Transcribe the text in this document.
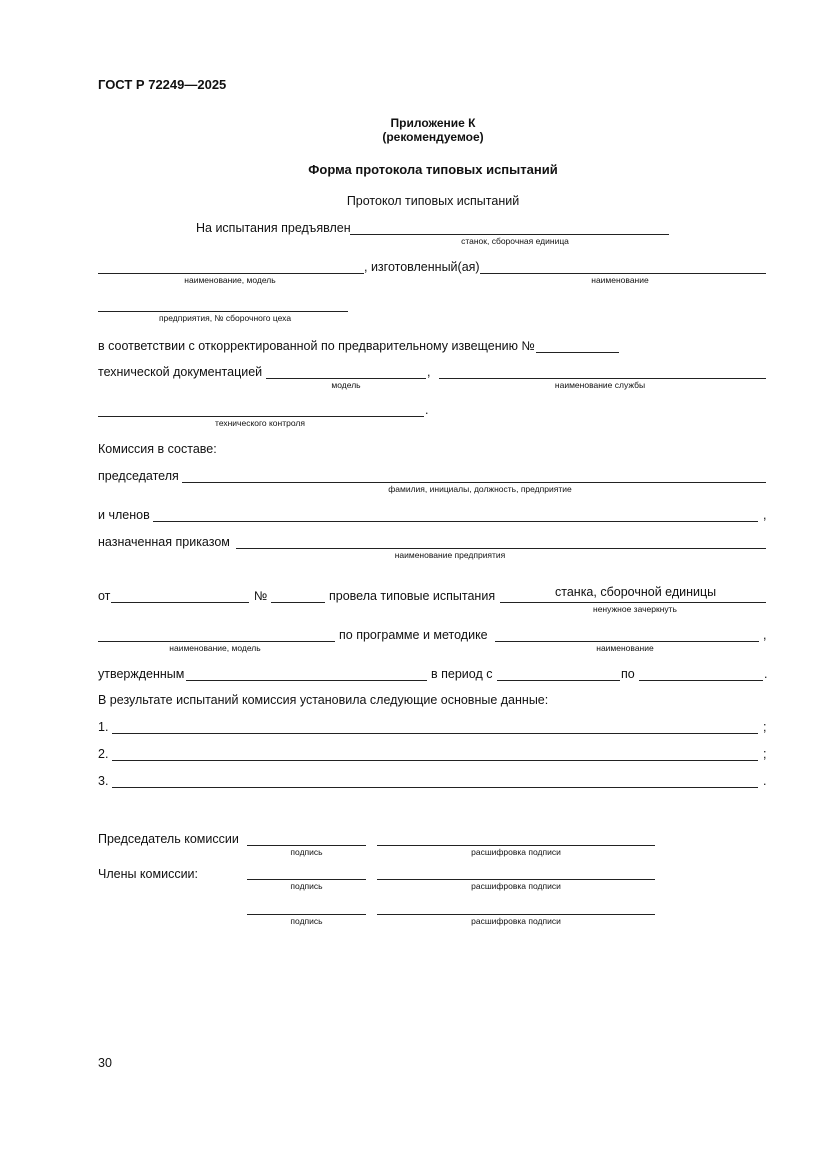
ГОСТ Р 72249—2025
Приложение К
(рекомендуемое)
Форма протокола типовых испытаний
Протокол типовых испытаний
На испытания предъявлен
станок, сборочная единица
, изготовленный(ая)
наименование, модель	наименование
предприятия, № сборочного цеха
в соответствии с откорректированной по предварительному извещению №
технической документацией	,
модель	наименование службы
.
технического контроля
Комиссия в составе:
председателя
фамилия, инициалы, должность, предприятие
и членов	,
назначенная приказом
наименование предприятия
от	№	провела типовые испытания	станка, сборочной единицы
ненужное зачеркнуть
по программе и методике	,
наименование, модель	наименование
утвержденным	в период с	по	.
В результате испытаний комиссия установила следующие основные данные:
1.	;
2.	;
3.	.
Председатель комиссии
подпись	расшифровка подписи
Члены комиссии:
подпись	расшифровка подписи
подпись	расшифровка подписи
30
